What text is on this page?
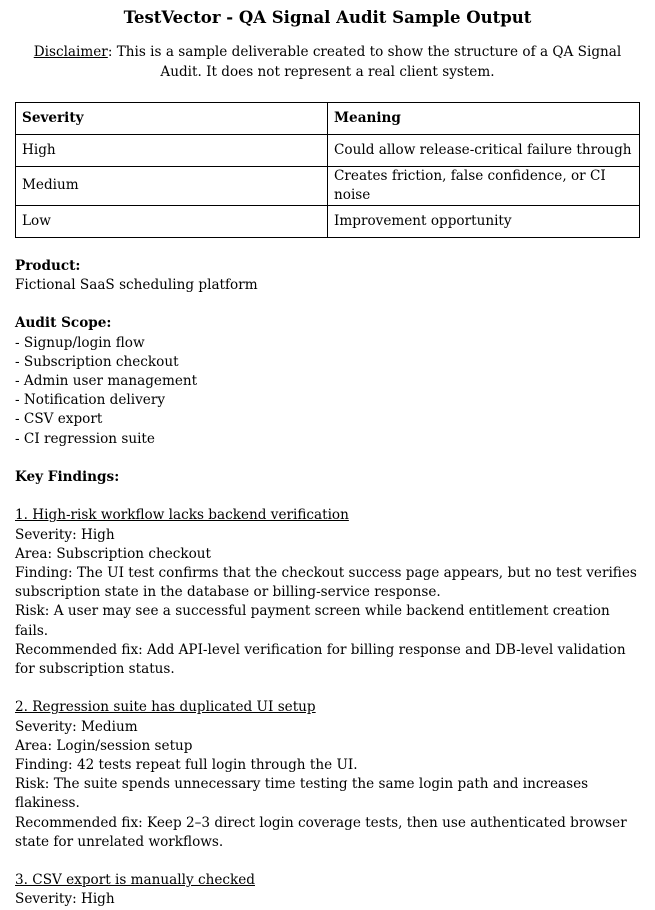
TestVector - QA Signal Audit Sample Output

Disclaimer: This is a sample deliverable created to show the structure of a QA Signal Audit. It does not represent a real client system.

Severity	Meaning
High	Could allow release-critical failure through
Medium	Creates friction, false confidence, or CI noise
Low	Improvement opportunity
Product:
Fictional SaaS scheduling platform
Audit Scope:
- Signup/login flow
- Subscription checkout
- Admin user management
- Notification delivery
- CSV export
- CI regression suite
Key Findings:
1. High-risk workflow lacks backend verification
Severity: High
Area: Subscription checkout
Finding: The UI test confirms that the checkout success page appears, but no test verifies subscription state in the database or billing-service response.
Risk: A user may see a successful payment screen while backend entitlement creation fails.
Recommended fix: Add API-level verification for billing response and DB-level validation for subscription status.
2. Regression suite has duplicated UI setup
Severity: Medium
Area: Login/session setup
Finding: 42 tests repeat full login through the UI.
Risk: The suite spends unnecessary time testing the same login path and increases flakiness.
Recommended fix: Keep 2–3 direct login coverage tests, then use authenticated browser state for unrelated workflows.
3. CSV export is manually checked
Severity: High
